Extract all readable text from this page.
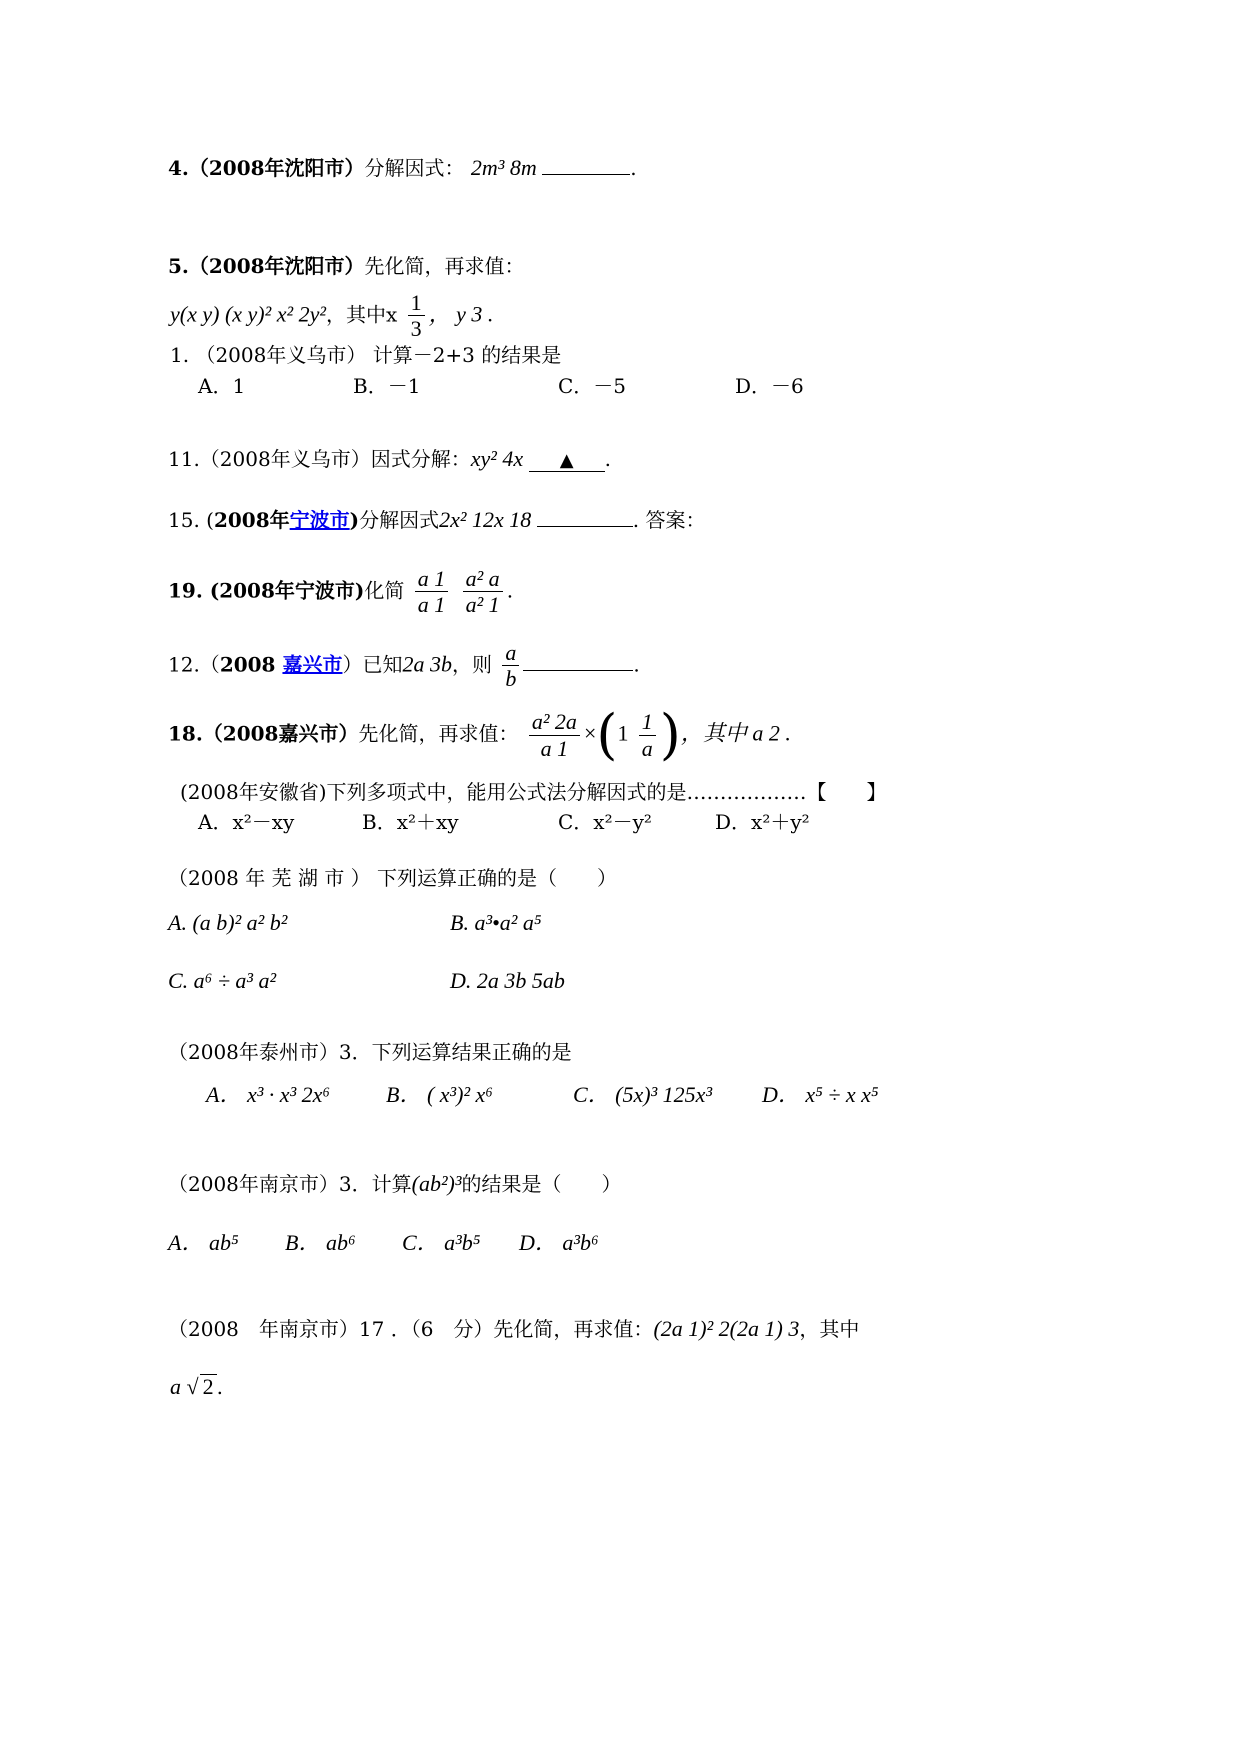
4.（2008年沈阳市）分解因式： 2m³ 8m	.
5.（2008年沈阳市）先化简，再求值：
y(x y) (x y)² x² 2y²，其中x $\frac{1}{3}$ ， y 3 .
1. （2008年义乌市） 计算－2+3 的结果是
A．1	B．－1	C．－5	D．－6
11.（2008年义乌市）因式分解：xy² 4x ▲ .
15. (2008年宁波市)分解因式2x² 12x 18	. 答案：
19. (2008年宁波市)化简 $\frac{a 1}{a 1}$
$\frac{\text{a² a}}{\text{a² 1}}$ .
12.（2008 嘉兴市）已知2a 3b，则 $\frac{a}{b}$	.
18.（2008嘉兴市）先化简，再求值： $\frac{\text{a² 2a}}{a 1} \times(1 \frac{1}{a}$ )，其中 a 2 .
(2008年安徽省)下列多项式中，能用公式法分解因式的是………………【　　】
A．x²－xy	B．x²＋xy	C．x²－y²	D．x²＋y²
（2008 年 芜 湖 市 ） 下列运算正确的是（　　）
A. (a b)² a² b²	B. a³•a² a⁵
C. a⁶ ÷ a³ a²	D. 2a 3b 5ab
（2008年泰州市）3．下列运算结果正确的是
A． x³ · x³ 2x⁶	B． ( x³)² x⁶	C． (5x)³ 125x³ D． x⁵ ÷ x x⁵
（2008年南京市）3．计算(ab²)³的结果是（　　）
A． ab⁵ B． ab⁶ C． a³b⁵ D． a³b⁶
（2008　年南京市）17 ．（6　分）先化简，再求值：(2a 1)² 2(2a 1) 3，其中
a √ 2 .
